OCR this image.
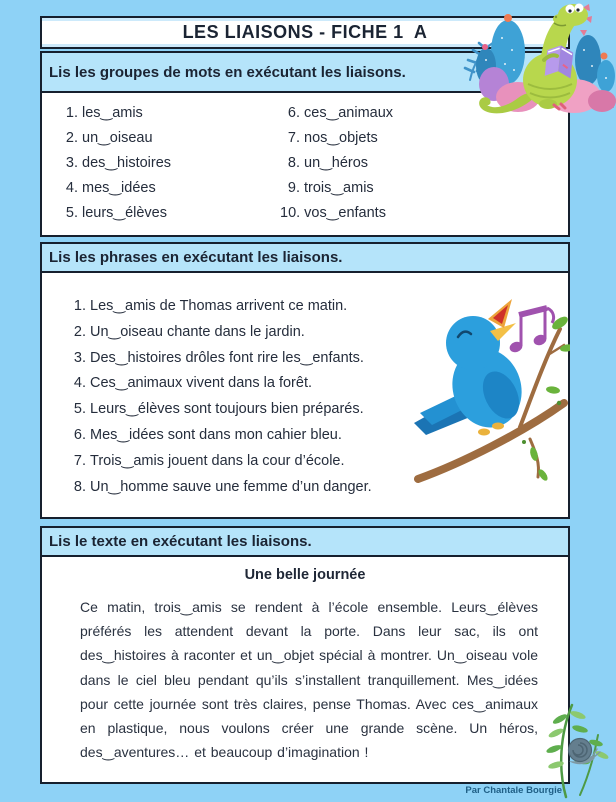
LES LIAISONS - FICHE 1  A
Lis les groupes de mots en exécutant les liaisons.
1. les‿amis
2. un‿oiseau
3. des‿histoires
4. mes‿idées
5. leurs‿élèves
6. ces‿animaux
7. nos‿objets
8. un‿héros
9. trois‿amis
10. vos‿enfants
Lis les phrases en exécutant les liaisons.
1. Les‿amis de Thomas arrivent ce matin.
2. Un‿oiseau chante dans le jardin.
3. Des‿histoires drôles font rire les‿enfants.
4. Ces‿animaux vivent dans la forêt.
5. Leurs‿élèves sont toujours bien préparés.
6. Mes‿idées sont dans mon cahier bleu.
7. Trois‿amis jouent dans la cour d’école.
8. Un‿homme sauve une femme d’un danger.
Lis le texte en exécutant les liaisons.
Une belle journée

Ce matin, trois‿amis se rendent à l’école ensemble. Leurs‿élèves préférés les attendent devant la porte. Dans leur sac, ils ont des‿histoires à raconter et un‿objet spécial à montrer. Un‿oiseau vole dans le ciel bleu pendant qu’ils s’installent tranquillement. Mes‿idées pour cette journée sont très claires, pense Thomas. Avec ces‿animaux en plastique, nous voulons créer une grande scène. Un héros, des‿aventures… et beaucoup d’imagination !

Par Chantale Bourgie
